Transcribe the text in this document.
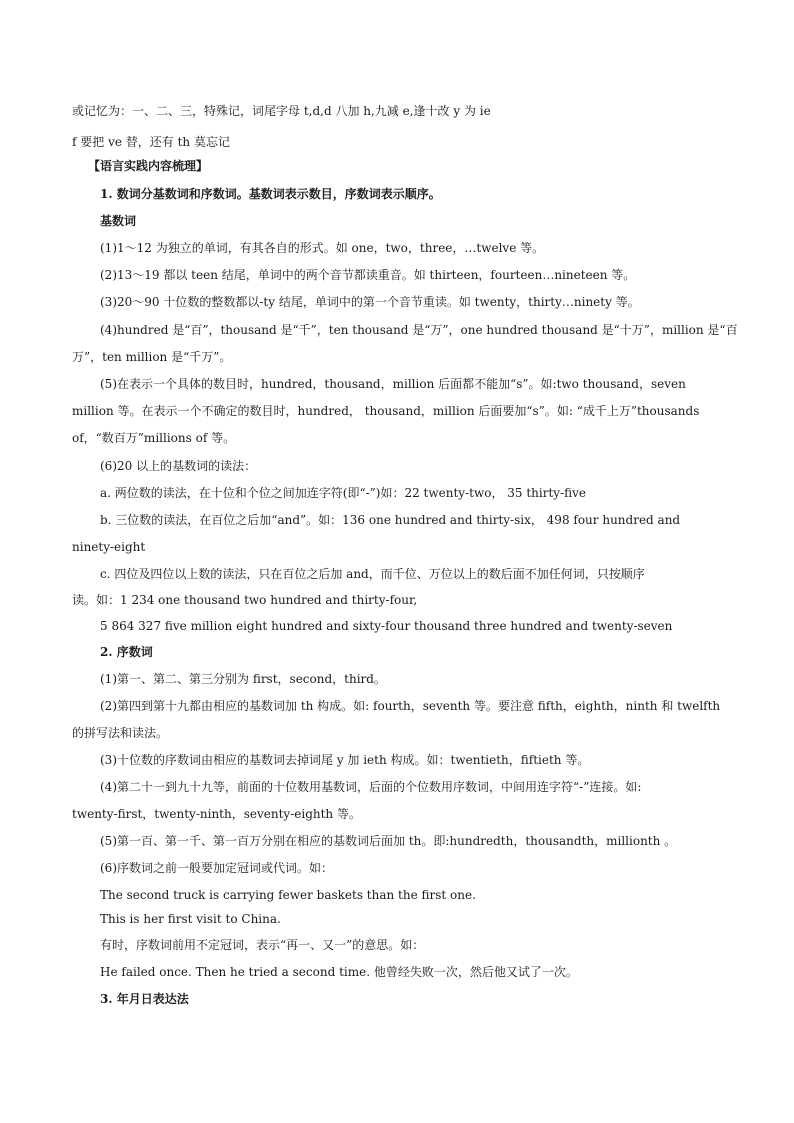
或记忆为：一、二、三，特殊记，词尾字母 t,d,d 八加 h,九减 e,逢十改 y 为 ie
f 要把 ve 替，还有 th 莫忘记
【语言实践内容梳理】
1. 数词分基数词和序数词。基数词表示数目，序数词表示顺序。
基数词
(1)1～12 为独立的单词，有其各自的形式。如 one，two，three，…twelve 等。
(2)13～19 都以 teen 结尾，单词中的两个音节都读重音。如 thirteen，fourteen…nineteen 等。
(3)20～90 十位数的整数都以-ty 结尾，单词中的第一个音节重读。如 twenty，thirty…ninety 等。
(4)hundred 是“百”，thousand 是“千”，ten thousand 是“万”，one hundred thousand 是“十万”，million 是“百
万”，ten million 是“千万”。
(5)在表示一个具体的数目时，hundred，thousand，million 后面都不能加“s”。如:two thousand，seven
million 等。在表示一个不确定的数目时，hundred， thousand，million 后面要加“s”。如: “成千上万”thousands
of，“数百万”millions of 等。
(6)20 以上的基数词的读法：
a. 两位数的读法，在十位和个位之间加连字符(即“-”)如：22 twenty-two， 35 thirty-five
b. 三位数的读法，在百位之后加“and”。如：136 one hundred and thirty-six， 498 four hundred and
ninety-eight
c. 四位及四位以上数的读法，只在百位之后加 and，而千位、万位以上的数后面不加任何词，只按顺序
读。如：1 234 one thousand two hundred and thirty-four,
5 864 327 five million eight hundred and sixty-four thousand three hundred and twenty-seven
2. 序数词
(1)第一、第二、第三分别为 first，second，third。
(2)第四到第十九都由相应的基数词加 th 构成。如: fourth，seventh 等。要注意 fifth，eighth，ninth 和 twelfth
的拼写法和读法。
(3)十位数的序数词由相应的基数词去掉词尾 y 加 ieth 构成。如：twentieth，fiftieth 等。
(4)第二十一到九十九等，前面的十位数用基数词，后面的个位数用序数词，中间用连字符“-”连接。如:
twenty-first，twenty-ninth，seventy-eighth 等。
(5)第一百、第一千、第一百万分别在相应的基数词后面加 th。即:hundredth，thousandth，millionth 。
(6)序数词之前一般要加定冠词或代词。如：
The second truck is carrying fewer baskets than the first one.
This is her first visit to China.
有时，序数词前用不定冠词，表示“再一、又一”的意思。如：
He failed once. Then he tried a second time. 他曾经失败一次，然后他又试了一次。
3. 年月日表达法
